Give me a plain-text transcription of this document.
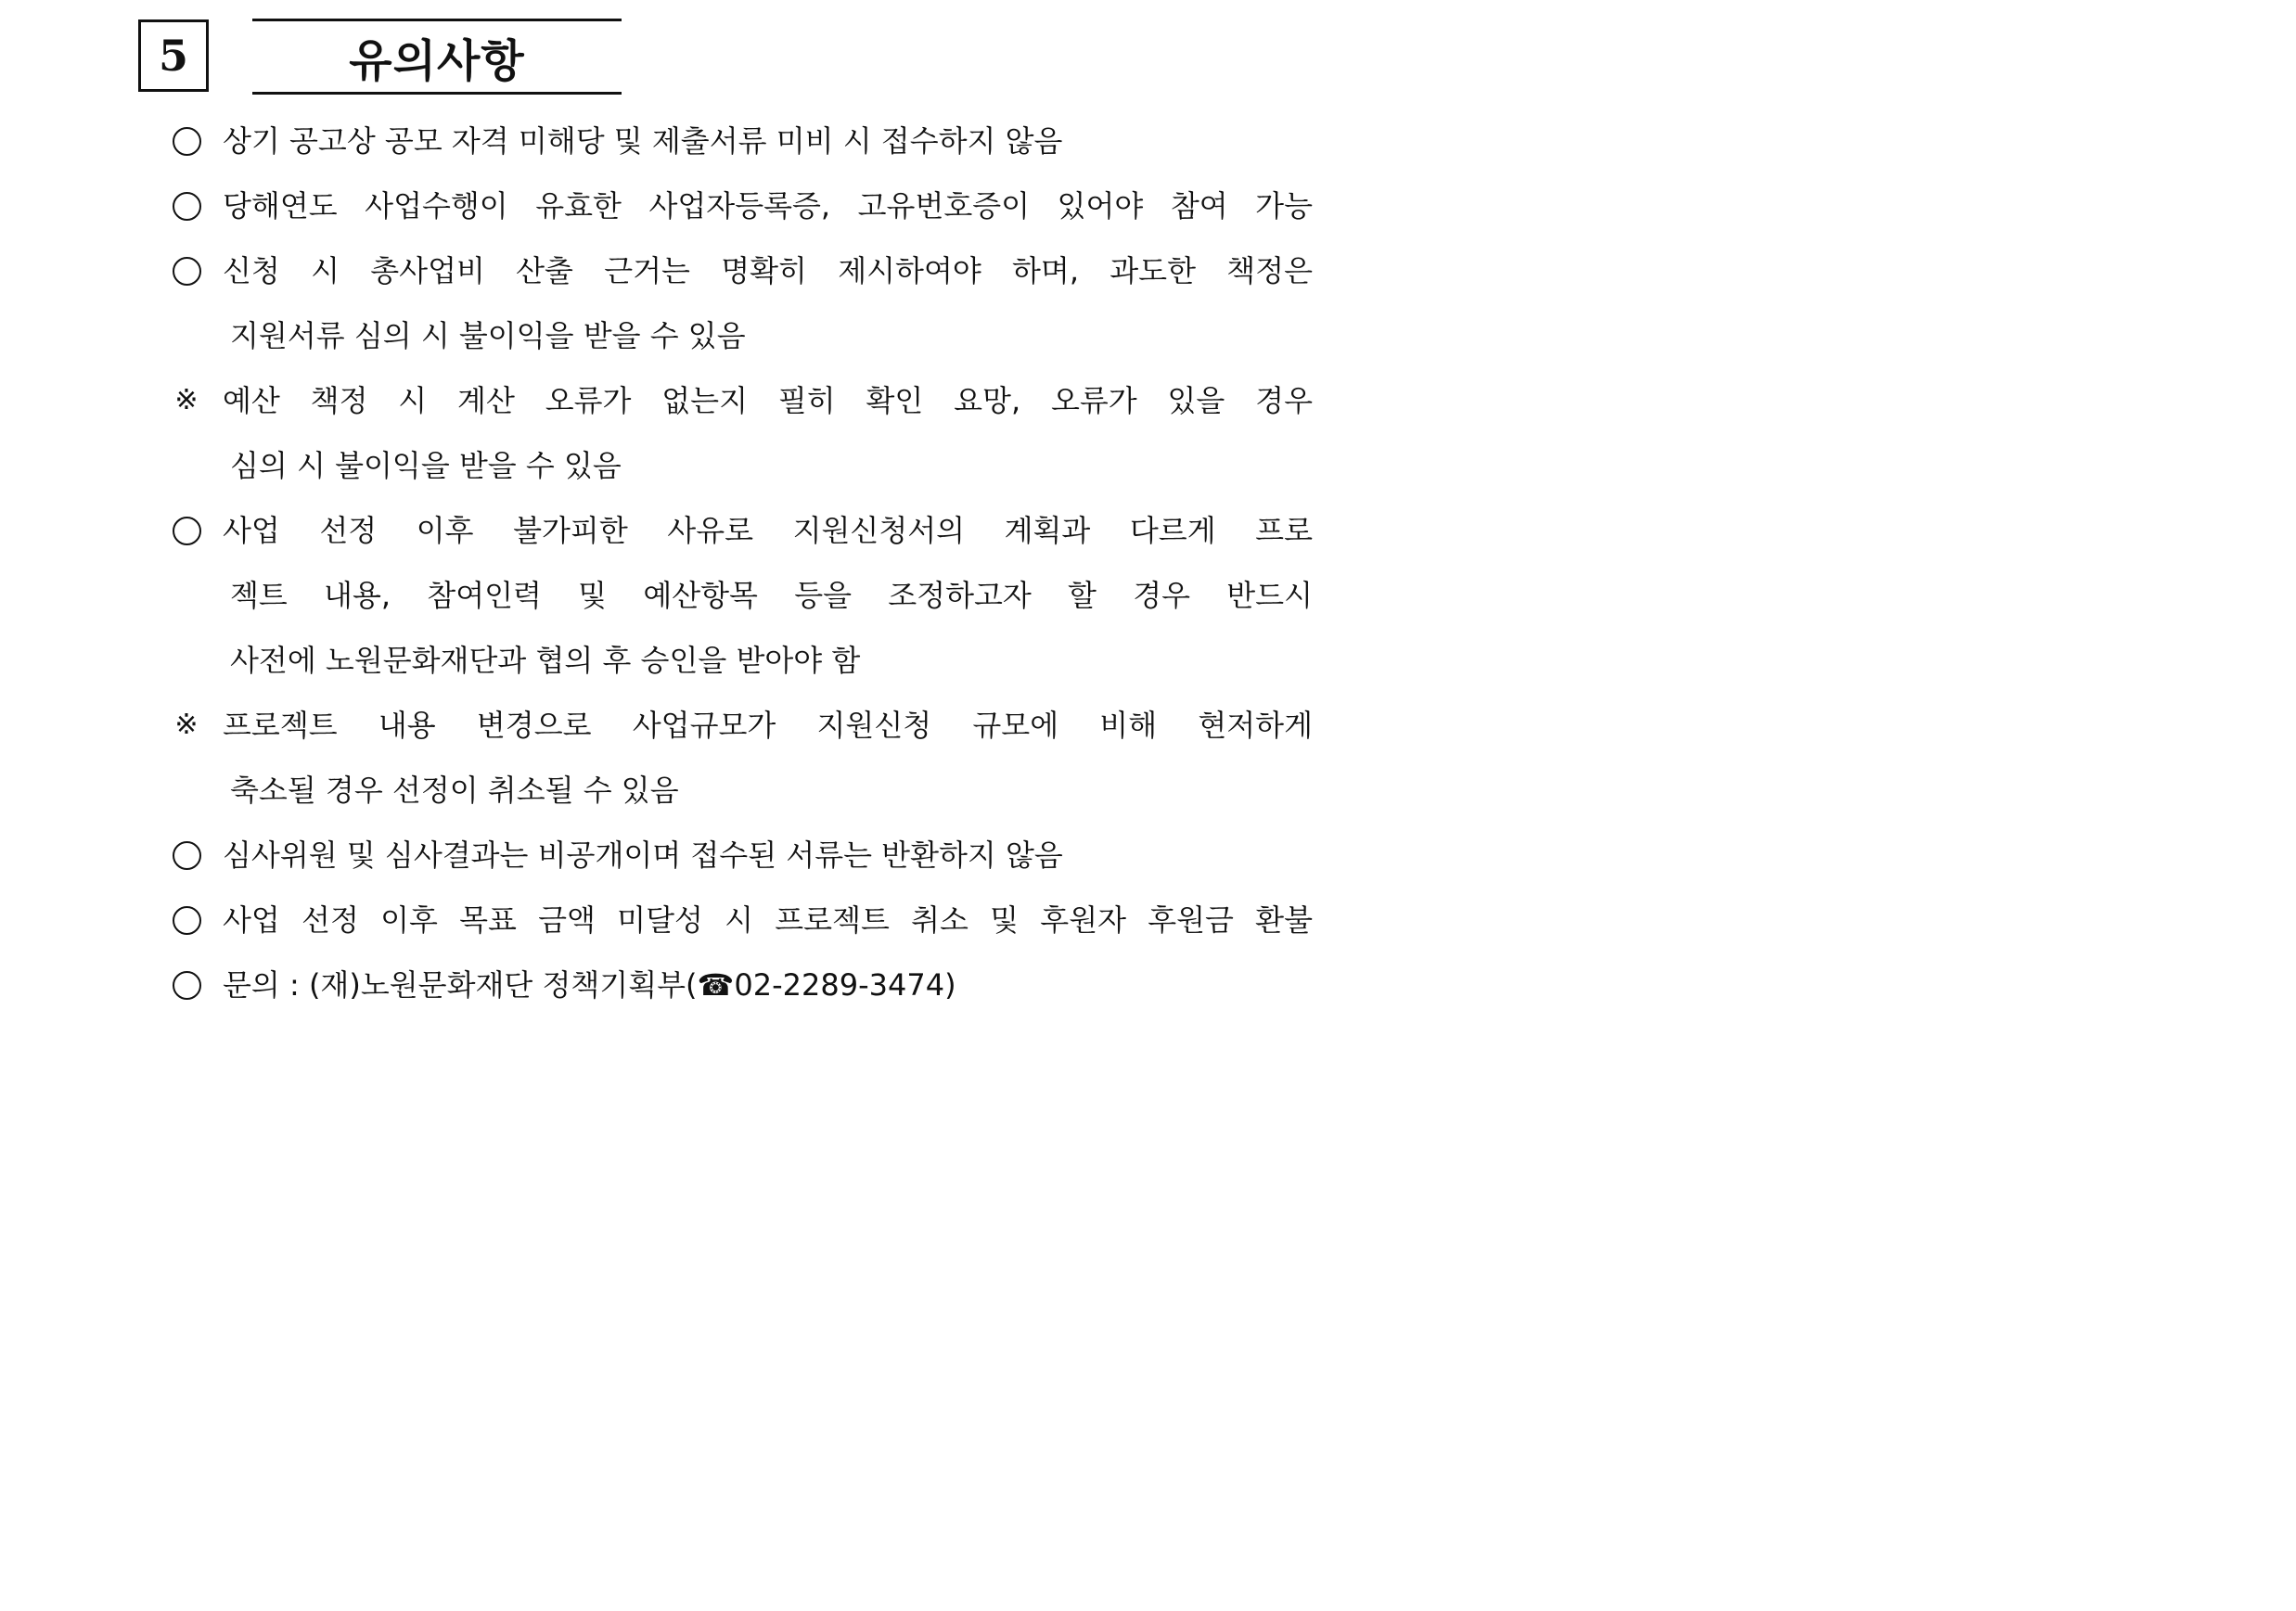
5	유의사항
상기 공고상 공모 자격 미해당 및 제출서류 미비 시 접수하지 않음
당해연도 사업수행이 유효한 사업자등록증, 고유번호증이 있어야 참여 가능
신청 시 총사업비 산출 근거는 명확히 제시하여야 하며, 과도한 책정은
지원서류 심의 시 불이익을 받을 수 있음
※ 예산 책정 시 계산 오류가 없는지 필히 확인 요망, 오류가 있을 경우
심의 시 불이익을 받을 수 있음
사업 선정 이후 불가피한 사유로 지원신청서의 계획과 다르게 프로
젝트 내용, 참여인력 및 예산항목 등을 조정하고자 할 경우 반드시
사전에 노원문화재단과 협의 후 승인을 받아야 함
※ 프로젝트 내용 변경으로 사업규모가 지원신청 규모에 비해 현저하게
축소될 경우 선정이 취소될 수 있음
심사위원 및 심사결과는 비공개이며 접수된 서류는 반환하지 않음
사업 선정 이후 목표 금액 미달성 시 프로젝트 취소 및 후원자 후원금 환불
문의 : (재)노원문화재단 정책기획부(☎02-2289-3474)
